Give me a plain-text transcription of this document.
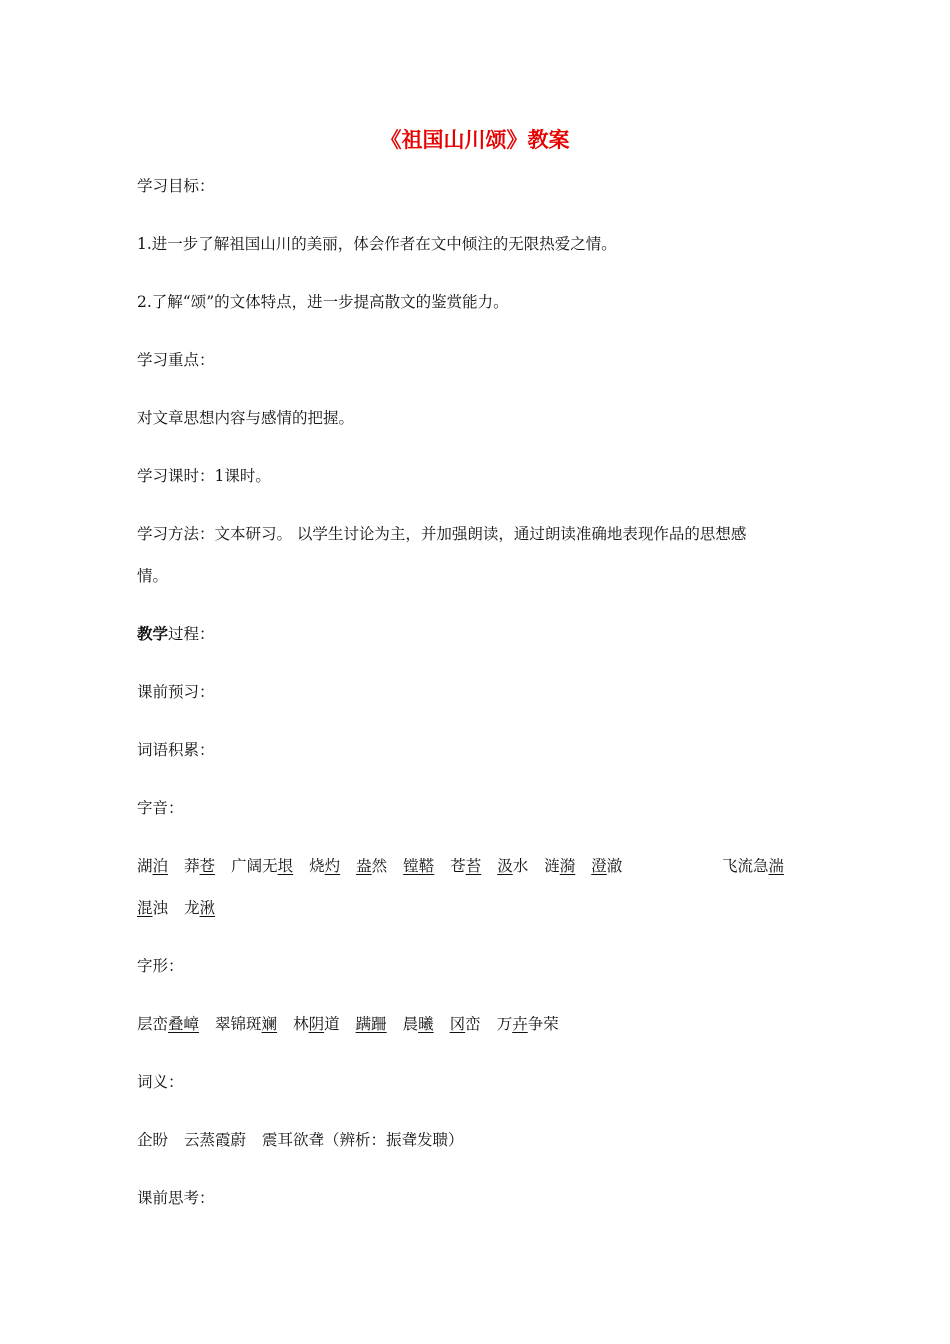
《祖国山川颂》教案
学习目标：
1.进一步了解祖国山川的美丽，体会作者在文中倾注的无限热爱之情。
2.了解“颂”的文体特点，进一步提高散文的鉴赏能力。
学习重点：
对文章思想内容与感情的把握。
学习课时：1课时。
学习方法：文本研习。 以学生讨论为主，并加强朗读，通过朗读准确地表现作品的思想感
情。
教学过程：
课前预习：
词语积累：
字音：
湖泊 莽苍 广阔无垠 烧灼 盎然 镗鞳 苍苔 汲水 涟漪 澄澈	飞流急湍
混浊 龙湫
字形：
层峦叠嶂 翠锦斑斓 林阴道 蹒跚 晨曦 冈峦 万卉争荣
词义：
企盼 云蒸霞蔚 震耳欲聋（辨析：振聋发聩）
课前思考：
